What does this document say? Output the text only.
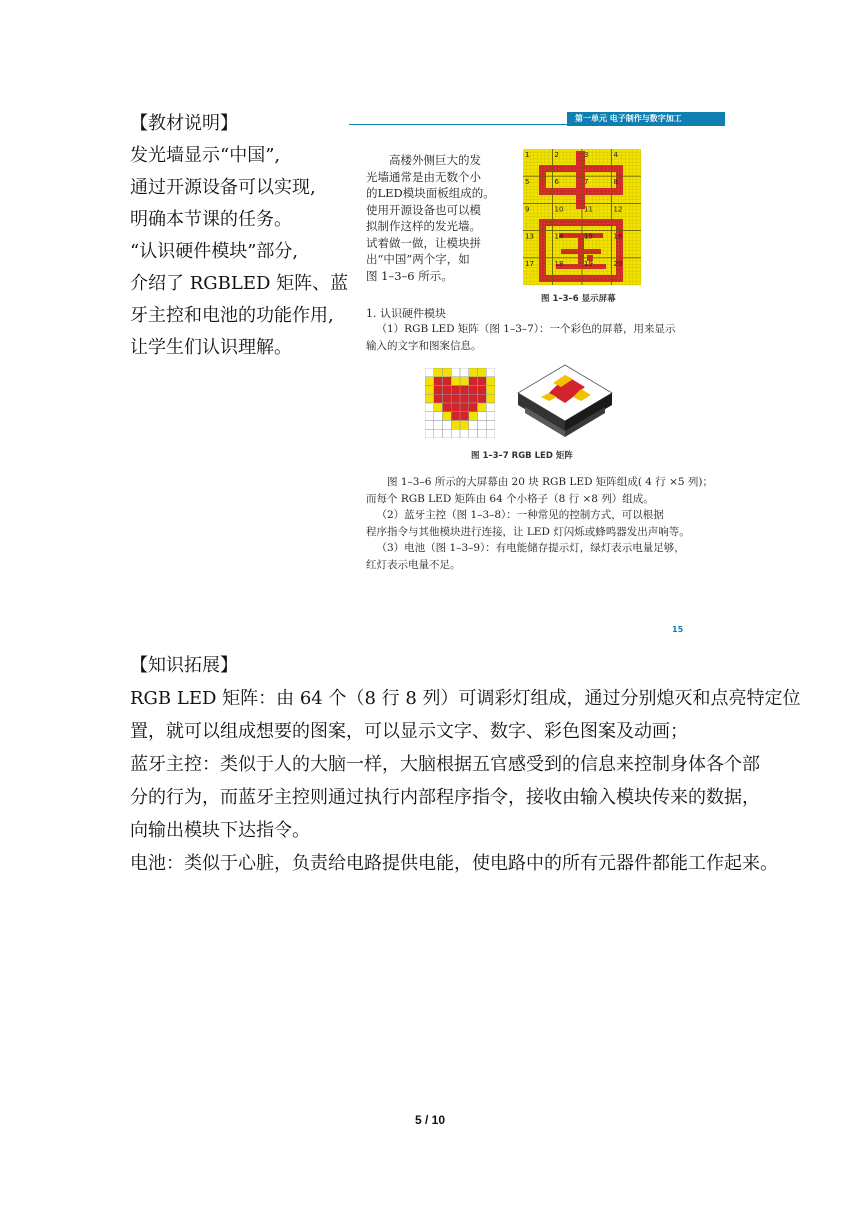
【教材说明】
发光墙显示“中国”,
通过开源设备可以实现,
明确本节课的任务。
“认识硬件模块”部分,
介绍了 RGBLED 矩阵、蓝
牙主控和电池的功能作用,
让学生们认识理解。
第一单元 电子制作与数字加工
高楼外侧巨大的发
光墙通常是由无数个小
的LED模块面板组成的。
使用开源设备也可以模
拟制作这样的发光墙。
试着做一做，让模块拼
出“中国”两个字，如
图 1–3–6 所示。
1	2	3	4
5	6	7	8
9	10	11	12
13	14	15	16
17	18	19	20
图 1–3–6 显示屏幕
1. 认识硬件模块
（1）RGB LED 矩阵（图 1–3–7）：一个彩色的屏幕，用来显示
输入的文字和图案信息。
图 1–3–7 RGB LED 矩阵
图 1–3–6 所示的大屏幕由 20 块 RGB LED 矩阵组成( 4 行 ×5 列)；
而每个 RGB LED 矩阵由 64 个小格子（8 行 ×8 列）组成。
（2）蓝牙主控（图 1–3–8）：一种常见的控制方式，可以根据
程序指令与其他模块进行连接，让 LED 灯闪烁或蜂鸣器发出声响等。
（3）电池（图 1–3–9）：有电能储存提示灯，绿灯表示电量足够，
红灯表示电量不足。
15
【知识拓展】
RGB LED 矩阵：由 64 个（8 行 8 列）可调彩灯组成，通过分别熄灭和点亮特定位
置，就可以组成想要的图案，可以显示文字、数字、彩色图案及动画；
蓝牙主控：类似于人的大脑一样，大脑根据五官感受到的信息来控制身体各个部
分的行为，而蓝牙主控则通过执行内部程序指令，接收由输入模块传来的数据，
向输出模块下达指令。
电池：类似于心脏，负责给电路提供电能，使电路中的所有元器件都能工作起来。
5 / 10
